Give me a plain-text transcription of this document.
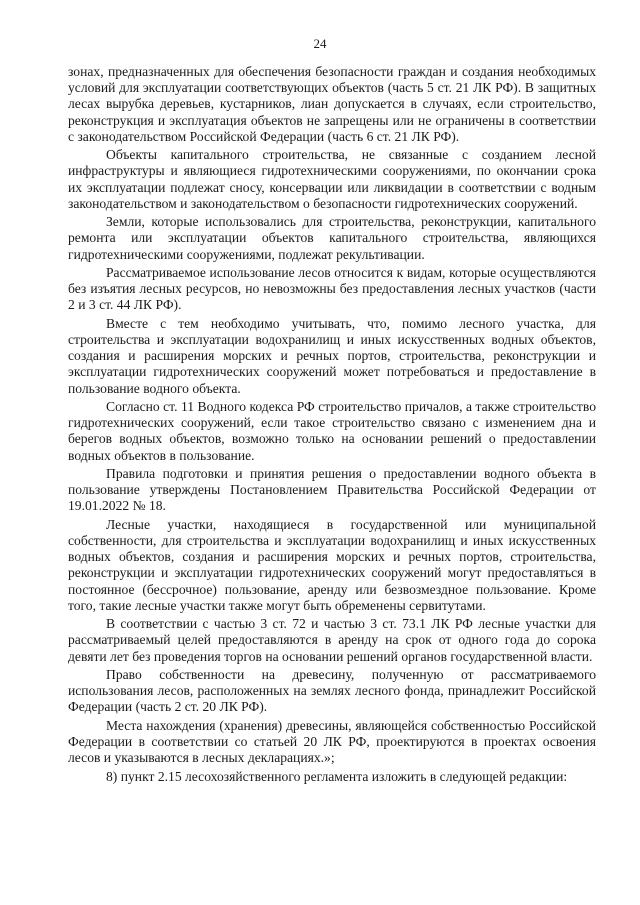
24

зонах, предназначенных для обеспечения безопасности граждан и создания необходимых условий для эксплуатации соответствующих объектов (часть 5 ст. 21 ЛК РФ). В защитных лесах вырубка деревьев, кустарников, лиан допускается в случаях, если строительство, реконструкция и эксплуатация объектов не запрещены или не ограничены в соответствии с законодательством Российской Федерации (часть 6 ст. 21 ЛК РФ).

Объекты капитального строительства, не связанные с созданием лесной инфраструктуры и являющиеся гидротехническими сооружениями, по окончании срока их эксплуатации подлежат сносу, консервации или ликвидации в соответствии с водным законодательством и законодательством о безопасности гидротехнических сооружений.

Земли, которые использовались для строительства, реконструкции, капитального ремонта или эксплуатации объектов капитального строительства, являющихся гидротехническими сооружениями, подлежат рекультивации.

Рассматриваемое использование лесов относится к видам, которые осуществляются без изъятия лесных ресурсов, но невозможны без предоставления лесных участков (части 2 и 3 ст. 44 ЛК РФ).

Вместе с тем необходимо учитывать, что, помимо лесного участка, для строительства и эксплуатации водохранилищ и иных искусственных водных объектов, создания и расширения морских и речных портов, строительства, реконструкции и эксплуатации гидротехнических сооружений может потребоваться и предоставление в пользование водного объекта.

Согласно ст. 11 Водного кодекса РФ строительство причалов, а также строительство гидротехнических сооружений, если такое строительство связано с изменением дна и берегов водных объектов, возможно только на основании решений о предоставлении водных объектов в пользование.

Правила подготовки и принятия решения о предоставлении водного объекта в пользование утверждены Постановлением Правительства Российской Федерации от 19.01.2022 № 18.

Лесные участки, находящиеся в государственной или муниципальной собственности, для строительства и эксплуатации водохранилищ и иных искусственных водных объектов, создания и расширения морских и речных портов, строительства, реконструкции и эксплуатации гидротехнических сооружений могут предоставляться в постоянное (бессрочное) пользование, аренду или безвозмездное пользование. Кроме того, такие лесные участки также могут быть обременены сервитутами.

В соответствии с частью 3 ст. 72 и частью 3 ст. 73.1 ЛК РФ лесные участки для рассматриваемый целей предоставляются в аренду на срок от одного года до сорока девяти лет без проведения торгов на основании решений органов государственной власти.

Право собственности на древесину, полученную от рассматриваемого использования лесов, расположенных на землях лесного фонда, принадлежит Российской Федерации (часть 2 ст. 20 ЛК РФ).

Места нахождения (хранения) древесины, являющейся собственностью Российской Федерации в соответствии со статьей 20 ЛК РФ, проектируются в проектах освоения лесов и указываются в лесных декларациях.»;

8) пункт 2.15 лесохозяйственного регламента изложить в следующей редакции:
